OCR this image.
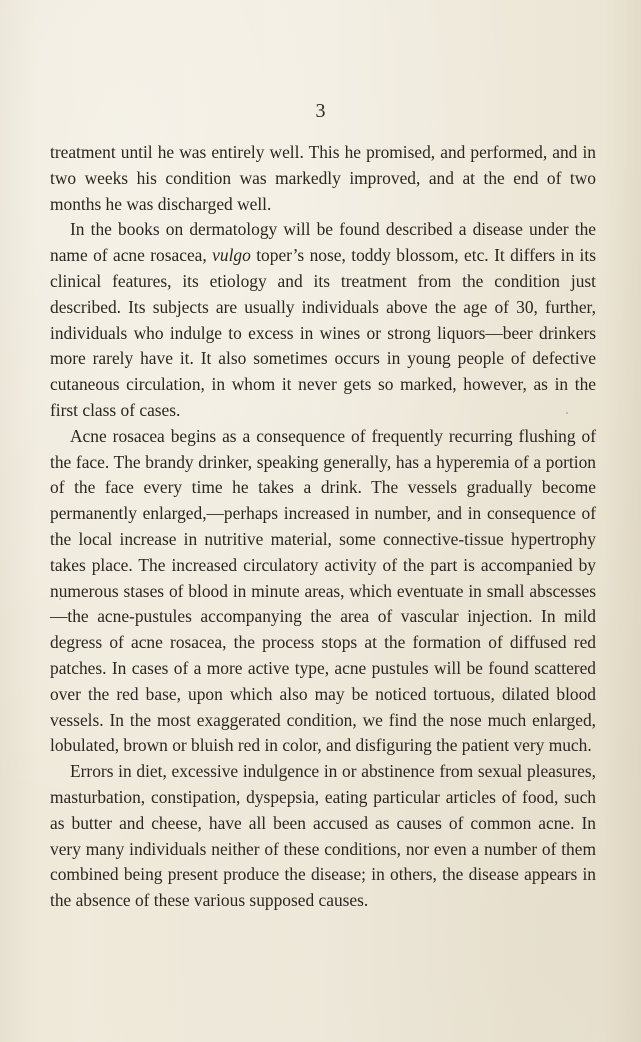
3

treatment until he was entirely well. This he promised, and performed, and in two weeks his condition was markedly improved, and at the end of two months he was discharged well.

In the books on dermatology will be found described a disease under the name of acne rosacea, vulgo toper’s nose, toddy blossom, etc. It differs in its clinical features, its etiology and its treatment from the condition just described. Its subjects are usually individuals above the age of 30, further, individuals who indulge to excess in wines or strong liquors—beer drinkers more rarely have it. It also sometimes occurs in young people of defective cutaneous circulation, in whom it never gets so marked, however, as in the first class of cases.

Acne rosacea begins as a consequence of frequently recurring flushing of the face. The brandy drinker, speaking generally, has a hyperemia of a portion of the face every time he takes a drink. The vessels gradually become permanently enlarged,—perhaps increased in number, and in consequence of the local increase in nutritive material, some connective-tissue hypertrophy takes place. The increased circulatory activity of the part is accompanied by numerous stases of blood in minute areas, which eventuate in small abscesses—the acne-pustules accompanying the area of vascular injection. In mild degress of acne rosacea, the process stops at the formation of diffused red patches. In cases of a more active type, acne pustules will be found scattered over the red base, upon which also may be noticed tortuous, dilated blood vessels. In the most exaggerated condition, we find the nose much enlarged, lobulated, brown or bluish red in color, and disfiguring the patient very much.

Errors in diet, excessive indulgence in or abstinence from sexual pleasures, masturbation, constipation, dyspepsia, eating particular articles of food, such as butter and cheese, have all been accused as causes of common acne. In very many individuals neither of these conditions, nor even a number of them combined being present produce the disease; in others, the disease appears in the absence of these various supposed causes.
